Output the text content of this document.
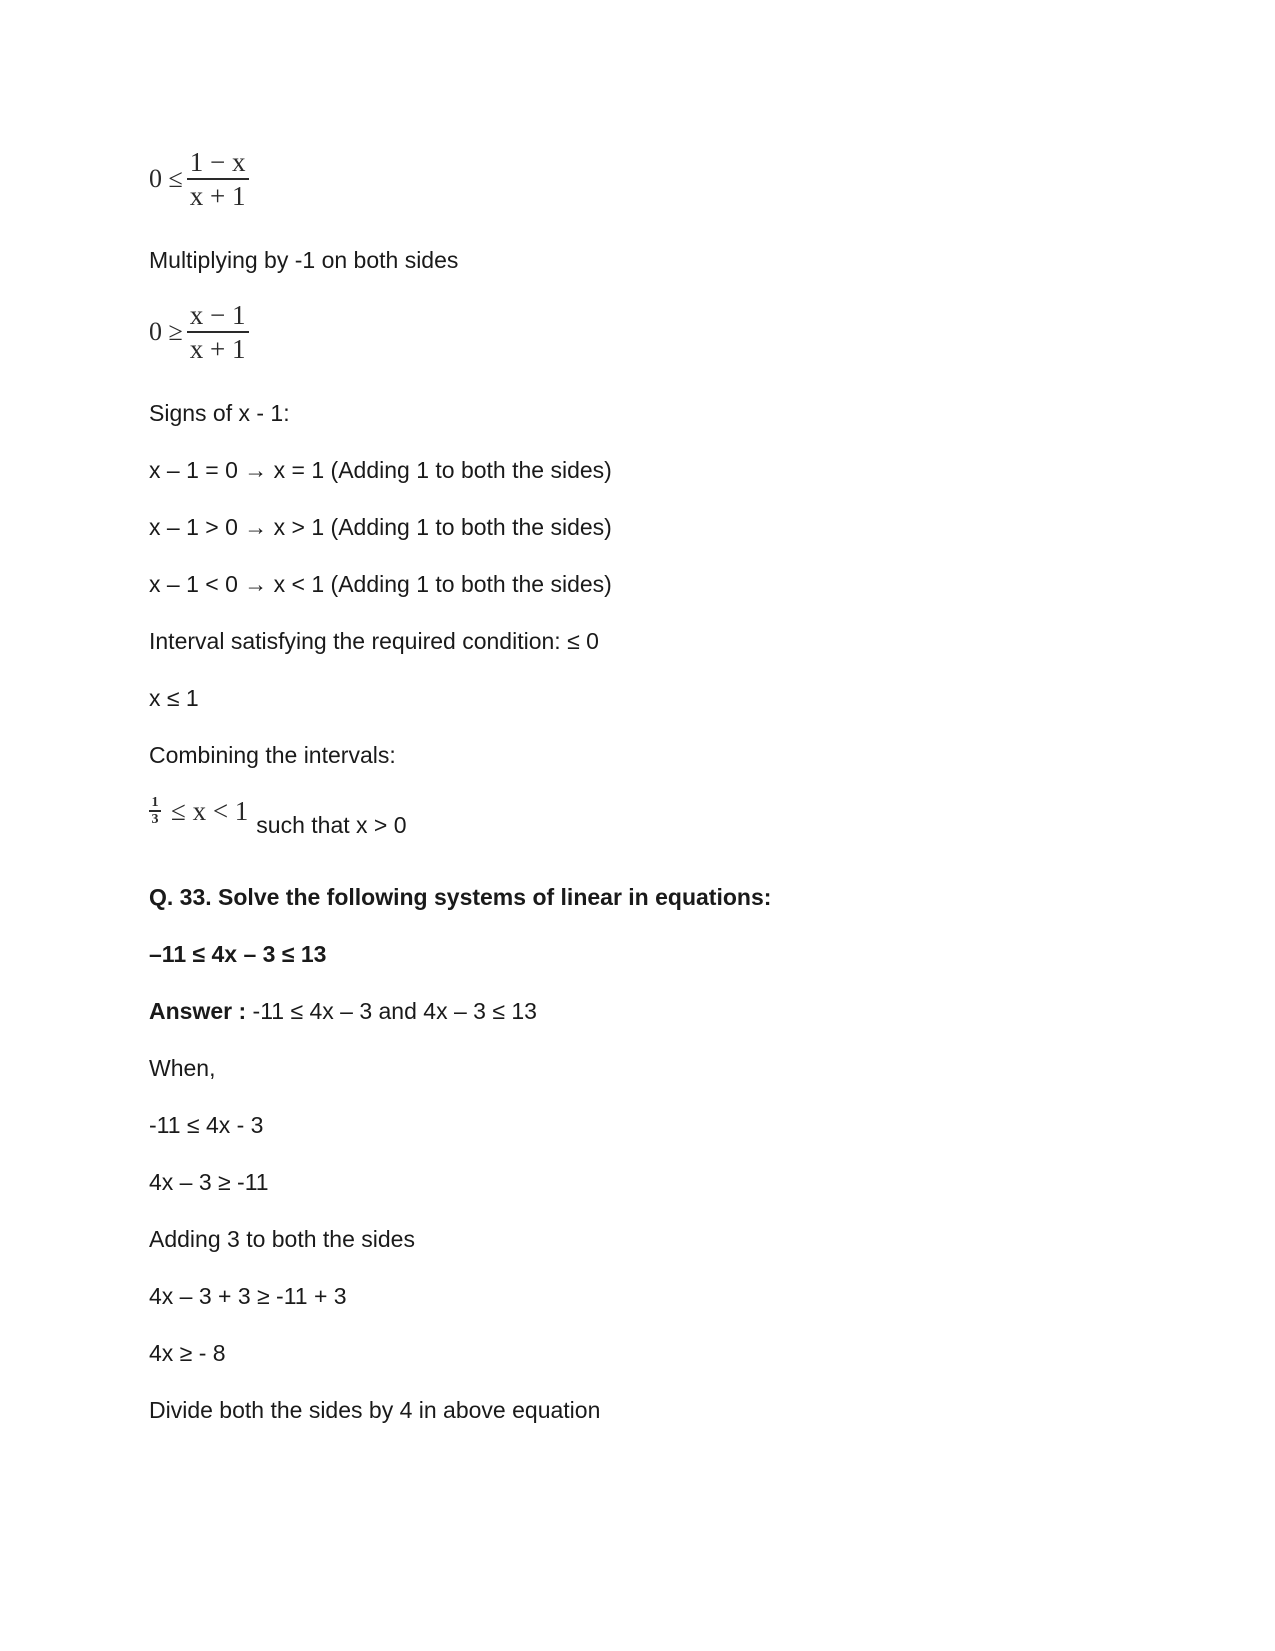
$0 \le \frac{1 - x}{x + 1}$
Multiplying by -1 on both sides
$0 \ge \frac{x - 1}{x + 1}$
Signs of x - 1:
x – 1 = 0 → x = 1 (Adding 1 to both the sides)
x – 1 > 0 → x > 1 (Adding 1 to both the sides)
x – 1 < 0 → x < 1 (Adding 1 to both the sides)
Interval satisfying the required condition: ≤ 0
x ≤ 1
Combining the intervals:
$\frac{1}{3} \le x < 1$ such that x > 0
Q. 33. Solve the following systems of linear in equations:
–11 ≤ 4x – 3 ≤ 13
Answer : -11 ≤ 4x – 3 and 4x – 3 ≤ 13
When,
-11 ≤ 4x - 3
4x – 3 ≥ -11
Adding 3 to both the sides
4x – 3 + 3 ≥ -11 + 3
4x ≥ - 8
Divide both the sides by 4 in above equation
